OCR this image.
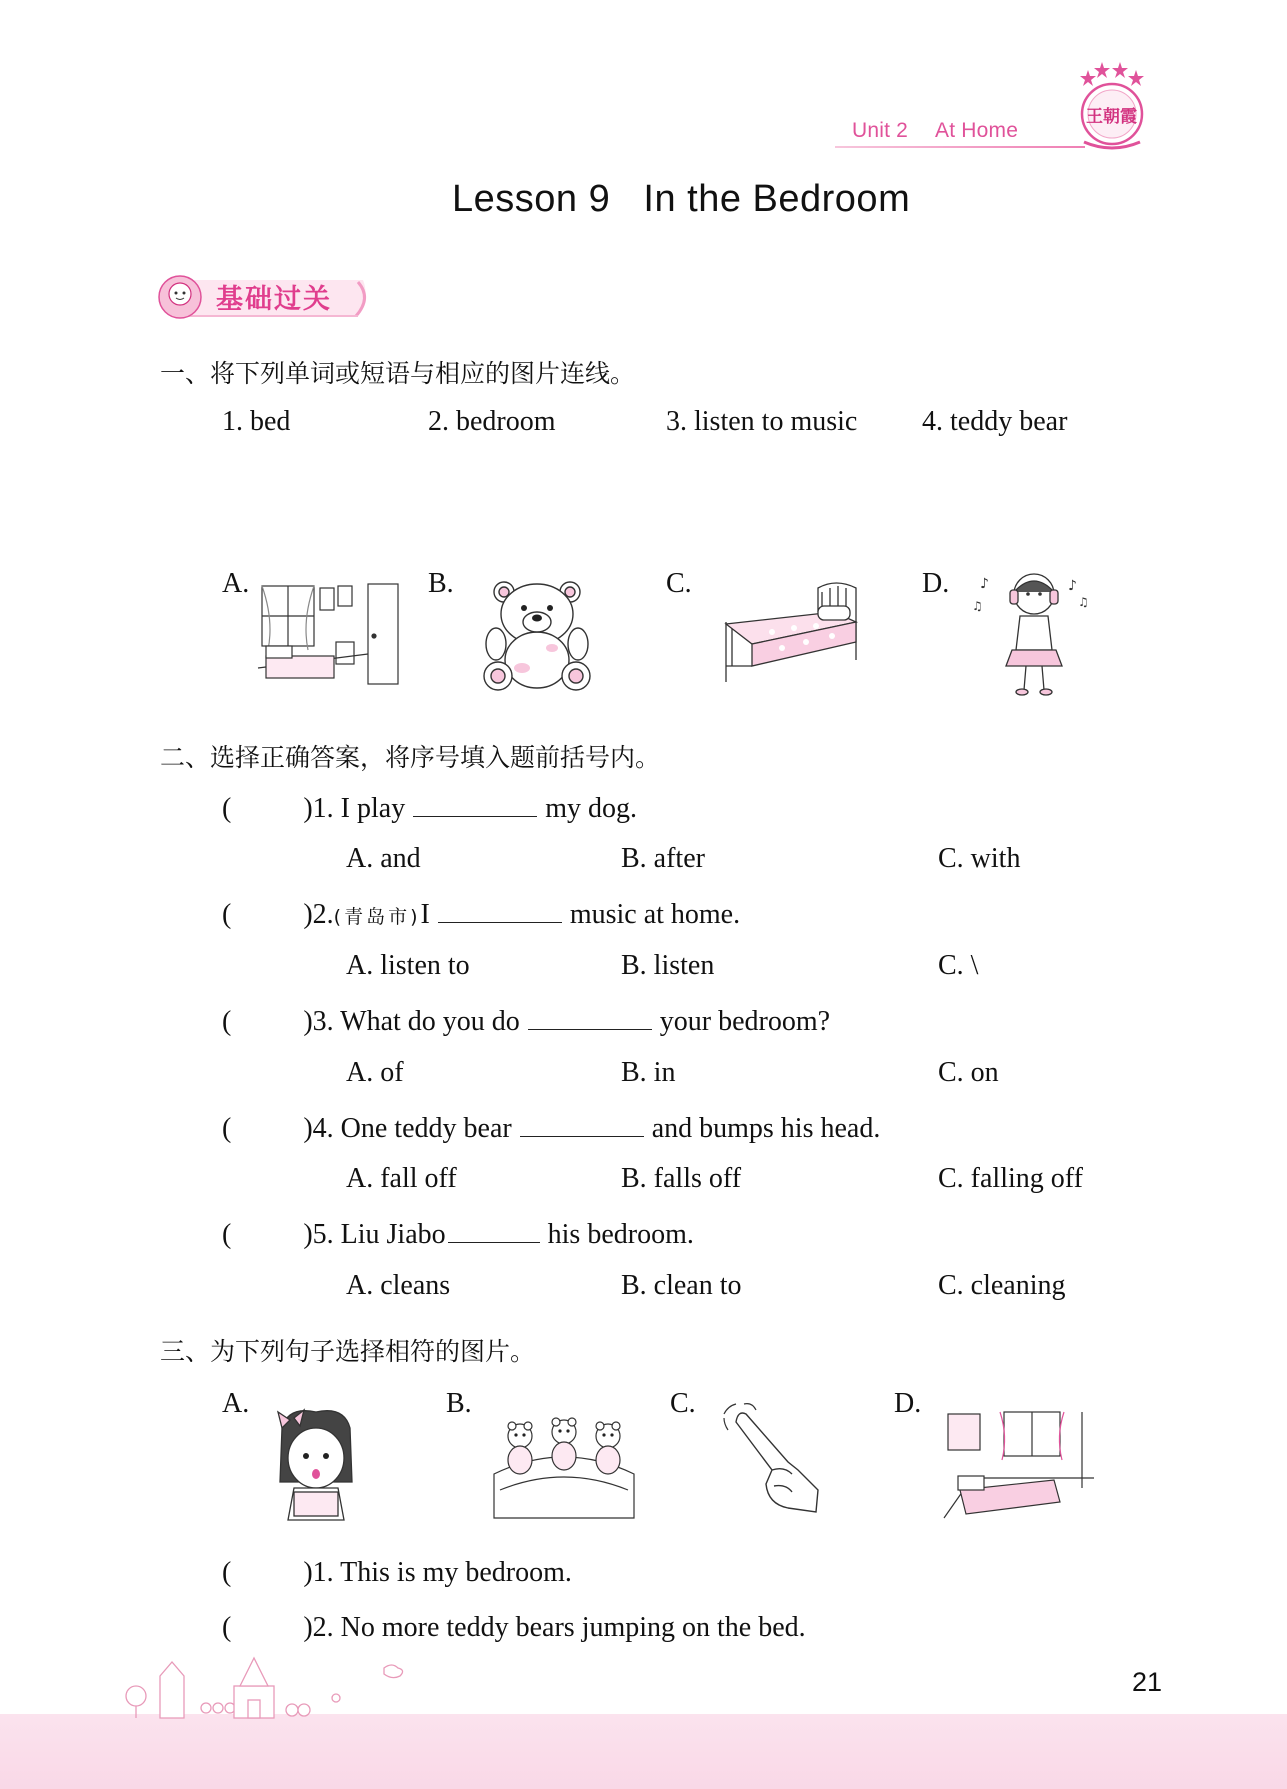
Unit 2 At Home
王朝霞
Lesson 9   In the Bedroom
基础过关
一、将下列单词或短语与相应的图片连线。
1. bed	2. bedroom	3. listen to music 4. teddy bear
A.	B.	C.	D. ♪
♫
♪
♫
二、选择正确答案，将序号填入题前括号内。
(	)1. I play	my dog.
A. and	B. after	C. with
(	)2.(青岛市)I	music at home.
A. listen to	B. listen	C. \
(	)3. What do you do	your bedroom?
A. of	B. in	C. on
(	)4. One teddy bear	and bumps his head.
A. fall off	B. falls off	C. falling off
(	)5. Liu Jiabo	his bedroom.
A. cleans	B. clean to	C. cleaning
三、为下列句子选择相符的图片。
A.	B.	C.	D.
(	)1. This is my bedroom.
(	)2. No more teddy bears jumping on the bed.
21
